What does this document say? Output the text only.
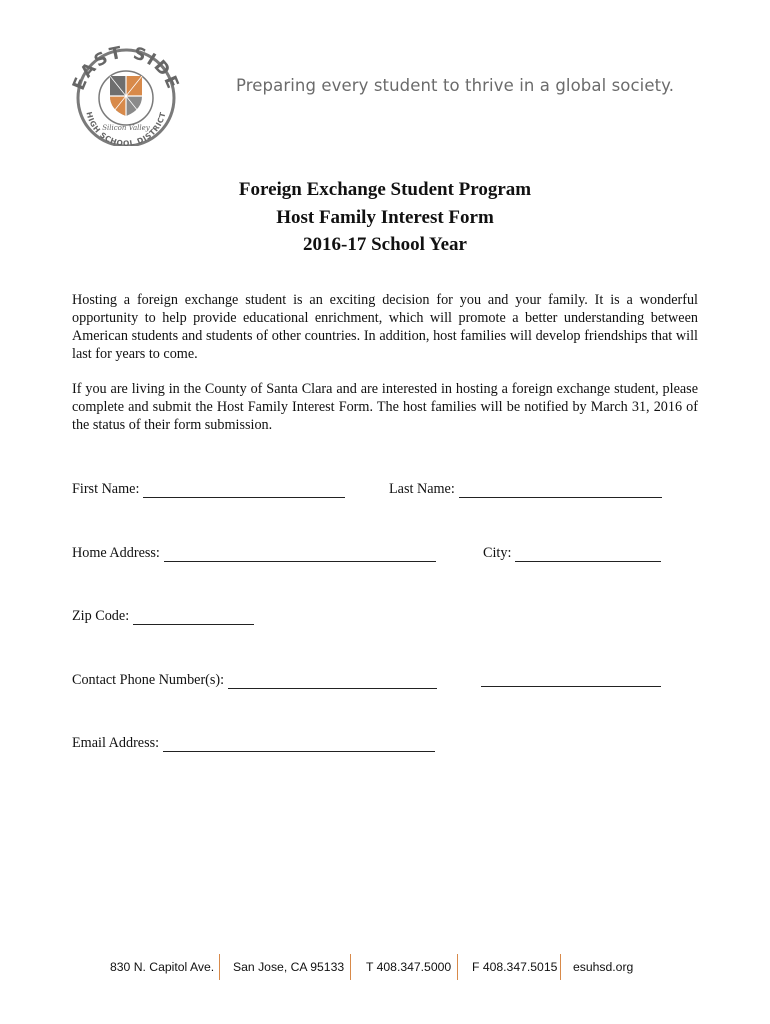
EAST SIDE
Silicon Valley
HIGH SCHOOL DISTRICT
Preparing every student to thrive in a global society.
Foreign Exchange Student Program
Host Family Interest Form
2016-17 School Year
Hosting a foreign exchange student is an exciting decision for you and your family. It is a wonderful opportunity to help provide educational enrichment, which will promote a better understanding between American students and students of other countries. In addition, host families will develop friendships that will last for years to come.
If you are living in the County of Santa Clara and are interested in hosting a foreign exchange student, please complete and submit the Host Family Interest Form. The host families will be notified by March 31, 2016 of the status of their form submission.
First Name:	Last Name:
Home Address:	City:
Zip Code:
Contact Phone Number(s):
Email Address:
830 N. Capitol Ave. San Jose, CA 95133 T 408.347.5000 F 408.347.5015 esuhsd.org
